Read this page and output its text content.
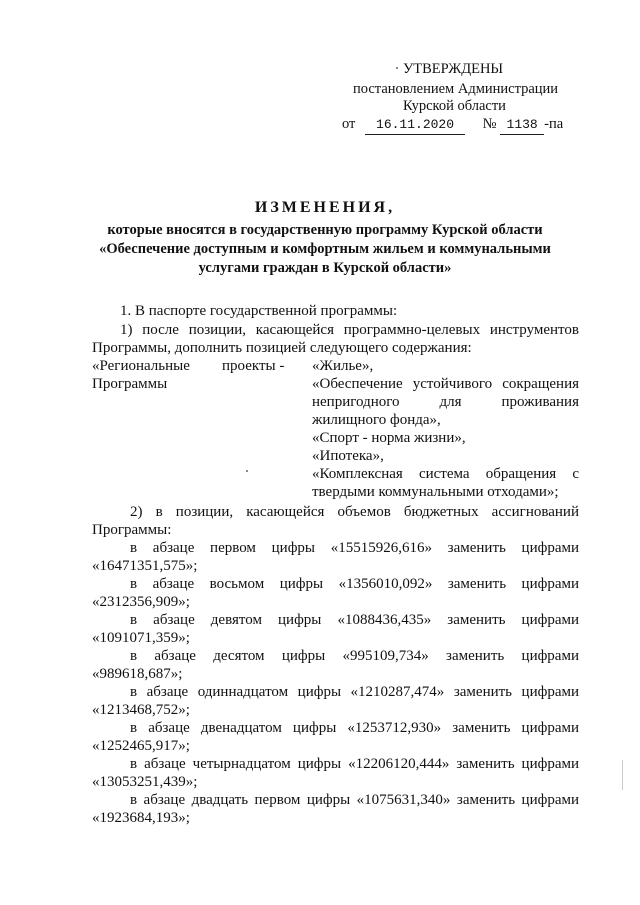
УТВЕРЖДЕНЫ
постановлением Администрации
Курской области
от 16.11.2020 № 1138 -па
ИЗМЕНЕНИЯ,
которые вносятся в государственную программу Курской области
«Обеспечение доступным и комфортным жильем и коммунальными
услугами граждан в Курской области»
1. В паспорте государственной программы:
1) после позиции, касающейся программно-целевых инструментов
Программы, дополнить позицией следующего содержания:
«Региональные проекты -
Программы
«Жилье»,
«Обеспечение устойчивого сокращения
непригодного для проживания
жилищного фонда»,
«Спорт - норма жизни»,
«Ипотека»,
«Комплексная система обращения с
твердыми коммунальными отходами»;
2) в позиции, касающейся объемов бюджетных ассигнований
Программы:
в абзаце первом цифры «15515926,616» заменить цифрами
«16471351,575»;
в абзаце восьмом цифры «1356010,092» заменить цифрами
«2312356,909»;
в абзаце девятом цифры «1088436,435» заменить цифрами
«1091071,359»;
в абзаце десятом цифры «995109,734» заменить цифрами
«989618,687»;
в абзаце одиннадцатом цифры «1210287,474» заменить цифрами
«1213468,752»;
в абзаце двенадцатом цифры «1253712,930» заменить цифрами
«1252465,917»;
в абзаце четырнадцатом цифры «12206120,444» заменить цифрами
«13053251,439»;
в абзаце двадцать первом цифры «1075631,340» заменить цифрами
«1923684,193»;
